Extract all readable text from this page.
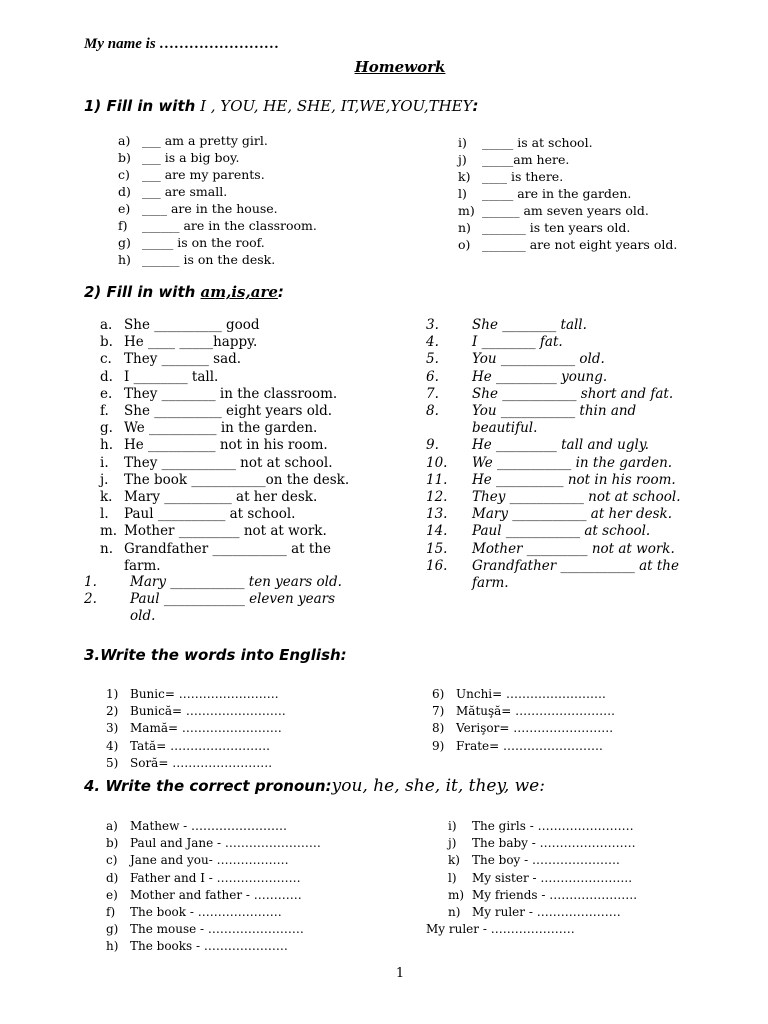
My name is ……………………
Homework
1) Fill in with I , YOU, HE, SHE, IT,WE,YOU,THEY:
a) ___ am a pretty girl.
b) ___ is a big boy.
c) ___ are my parents.
d) ___ are small.
e) ____ are in the house.
f)	______ are in the classroom.
g) _____ is on the roof.
h) ______ is on the desk.
i)	_____ is at school.
j)	_____am here.
k) ____ is there.
l)	_____ are in the garden.
m) ______ am seven years old.
n) _______ is ten years old.
o) _______ are not eight years old.
2) Fill in with am,is,are:
a. She __________ good
b. He ____ _____happy.
c. They _______ sad.
d. I ________ tall.
e. They ________ in the classroom.
f.	She __________ eight years old.
g. We __________ in the garden.
h. He __________ not in his room.
i.	They ___________ not at school.
j.	The book ___________on the desk.
k. Mary __________ at her desk.
l.	Paul __________ at school.
m. Mother _________ not at work.
n. Grandfather ___________ at the
farm.
1.	Mary ___________ ten years old.
2.	Paul ____________ eleven years
old.
3.	She ________ tall.
4.	I ________ fat.
5.	You ___________ old.
6.	He _________ young.
7.	She ___________ short and fat.
8.	You ___________ thin and
beautiful.
9.	He _________ tall and ugly.
10.	We ___________ in the garden.
11.	He __________ not in his room.
12.	They ___________ not at school.
13.	Mary ___________ at her desk.
14.	Paul ___________ at school.
15.	Mother _________ not at work.
16.	Grandfather ___________ at the
farm.
3.Write the words into English:
1) Bunic= …………………….
2) Bunică= …………………….
3) Mamă= …………………….
4) Tată= …………………….
5) Soră= …………………….
6) Unchi= …………………….
7) Mătuşă= …………………….
8) Verişor= …………………….
9) Frate= …………………….
4. Write the correct pronoun:you, he, she, it, they, we:
a)	Mathew - ……………………
b) Paul and Jane - ……………………
c)	Jane and you- ………………
d) Father and I - …………………
e)	Mother and father - …………
f)	The book - …………………
g) The mouse - ……………………
h) The books - …………………
i)	The girls - ……………………
j)	The baby - ……………………
k)	The boy - ………………….
l)	My sister - …………………..
m) My friends - ………………….
n) My ruler - …………………
My ruler - …………………
1
